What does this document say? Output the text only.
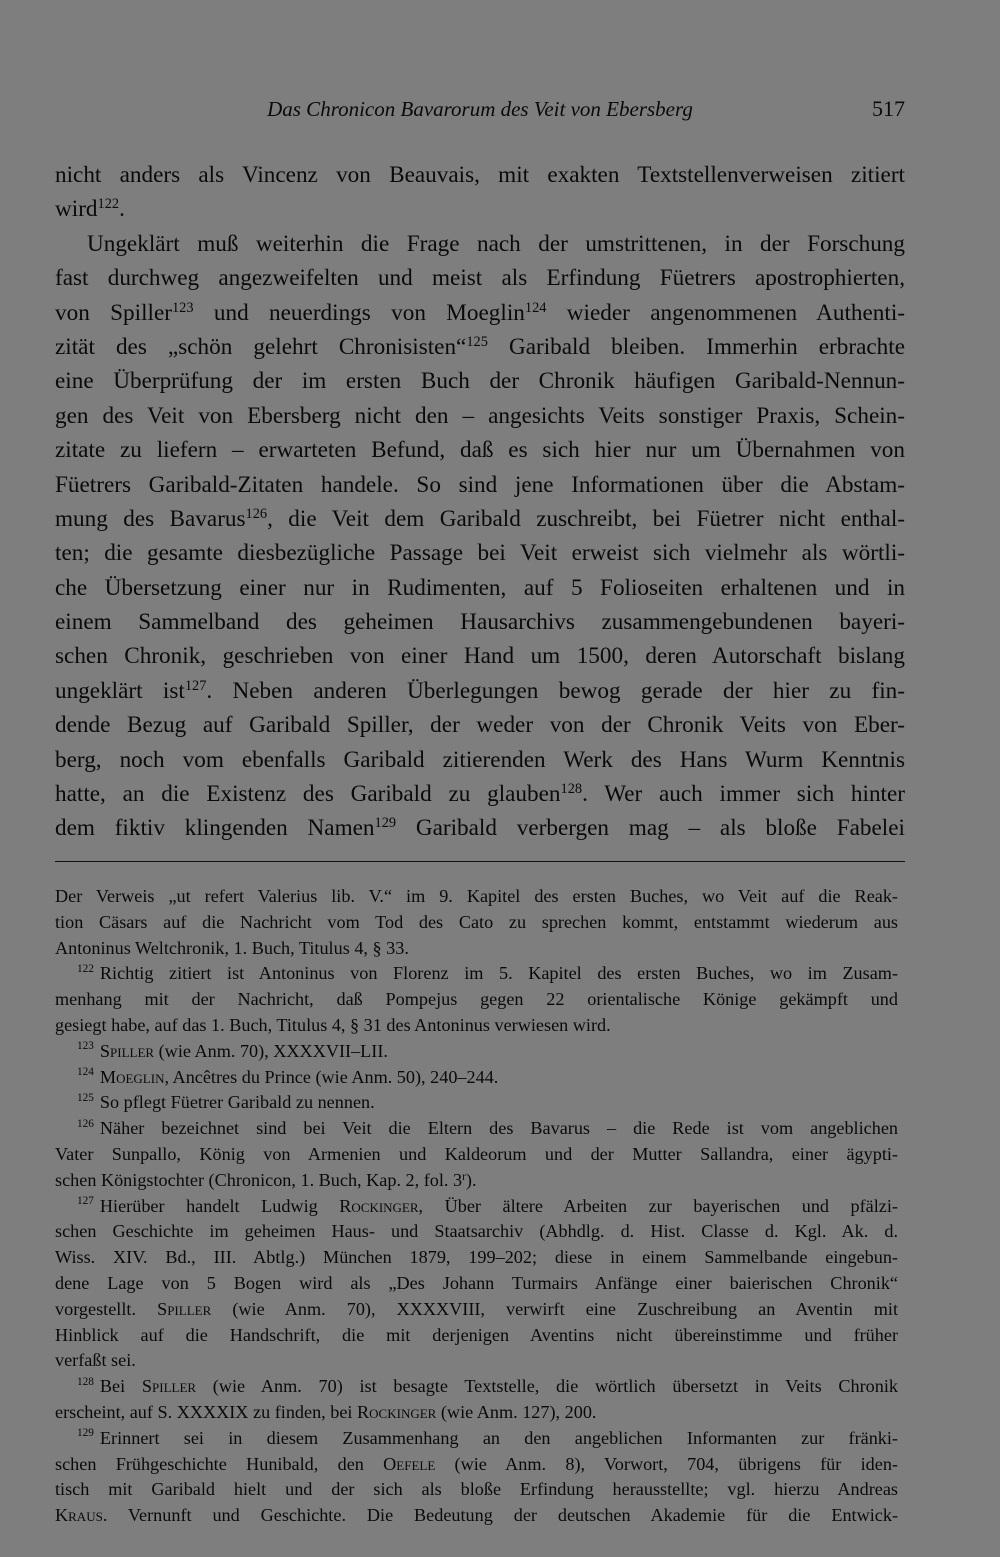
Das Chronicon Bavarorum des Veit von Ebersberg	517
nicht anders als Vincenz von Beauvais, mit exakten Textstellenverweisen zitiert
wird$^{122}$.
Ungeklärt muß weiterhin die Frage nach der umstrittenen, in der Forschung
fast durchweg angezweifelten und meist als Erfindung Füetrers apostrophierten,
von Spiller$^{123}$ und neuerdings von Moeglin$^{124}$ wieder angenommenen Authenti-
zität des „schön gelehrt Chronisisten“$^{125}$ Garibald bleiben. Immerhin erbrachte
eine Überprüfung der im ersten Buch der Chronik häufigen Garibald-Nennun-
gen des Veit von Ebersberg nicht den – angesichts Veits sonstiger Praxis, Schein-
zitate zu liefern – erwarteten Befund, daß es sich hier nur um Übernahmen von
Füetrers Garibald-Zitaten handele. So sind jene Informationen über die Abstam-
mung des Bavarus$^{126}$, die Veit dem Garibald zuschreibt, bei Füetrer nicht enthal-
ten; die gesamte diesbezügliche Passage bei Veit erweist sich vielmehr als wörtli-
che Übersetzung einer nur in Rudimenten, auf 5 Folioseiten erhaltenen und in
einem Sammelband des geheimen Hausarchivs zusammengebundenen bayeri-
schen Chronik, geschrieben von einer Hand um 1500, deren Autorschaft bislang
ungeklärt ist$^{127}$. Neben anderen Überlegungen bewog gerade der hier zu fin-
dende Bezug auf Garibald Spiller, der weder von der Chronik Veits von Eber-
berg, noch vom ebenfalls Garibald zitierenden Werk des Hans Wurm Kenntnis
hatte, an die Existenz des Garibald zu glauben$^{128}$. Wer auch immer sich hinter
dem fiktiv klingenden Namen$^{129}$ Garibald verbergen mag – als bloße Fabelei
Der Verweis „ut refert Valerius lib. V.“ im 9. Kapitel des ersten Buches, wo Veit auf die Reak-
tion Cäsars auf die Nachricht vom Tod des Cato zu sprechen kommt, entstammt wiederum aus
Antoninus Weltchronik, 1. Buch, Titulus 4, § 33.
$^{122}$ Richtig zitiert ist Antoninus von Florenz im 5. Kapitel des ersten Buches, wo im Zusam-
menhang mit der Nachricht, daß Pompejus gegen 22 orientalische Könige gekämpft und
gesiegt habe, auf das 1. Buch, Titulus 4, § 31 des Antoninus verwiesen wird.
$^{123}$ Spiller (wie Anm. 70), XXXXVII–LII.
$^{124}$ Moeglin, Ancêtres du Prince (wie Anm. 50), 240–244.
$^{125}$ So pflegt Füetrer Garibald zu nennen.
$^{126}$ Näher bezeichnet sind bei Veit die Eltern des Bavarus – die Rede ist vom angeblichen
Vater Sunpallo, König von Armenien und Kaldeorum und der Mutter Sallandra, einer ägypti-
schen Königstochter (Chronicon, 1. Buch, Kap. 2, fol. 3$^r$).
$^{127}$ Hierüber handelt Ludwig Rockinger, Über ältere Arbeiten zur bayerischen und pfälzi-
schen Geschichte im geheimen Haus- und Staatsarchiv (Abhdlg. d. Hist. Classe d. Kgl. Ak. d.
Wiss. XIV. Bd., III. Abtlg.) München 1879, 199–202; diese in einem Sammelbande eingebun-
dene Lage von 5 Bogen wird als „Des Johann Turmairs Anfänge einer baierischen Chronik“
vorgestellt. Spiller (wie Anm. 70), XXXXVIII, verwirft eine Zuschreibung an Aventin mit
Hinblick auf die Handschrift, die mit derjenigen Aventins nicht übereinstimme und früher
verfaßt sei.
$^{128}$ Bei Spiller (wie Anm. 70) ist besagte Textstelle, die wörtlich übersetzt in Veits Chronik
erscheint, auf S. XXXXIX zu finden, bei Rockinger (wie Anm. 127), 200.
$^{129}$ Erinnert sei in diesem Zusammenhang an den angeblichen Informanten zur fränki-
schen Frühgeschichte Hunibald, den Oefele (wie Anm. 8), Vorwort, 704, übrigens für iden-
tisch mit Garibald hielt und der sich als bloße Erfindung herausstellte; vgl. hierzu Andreas
Kraus. Vernunft und Geschichte. Die Bedeutung der deutschen Akademie für die Entwick-
